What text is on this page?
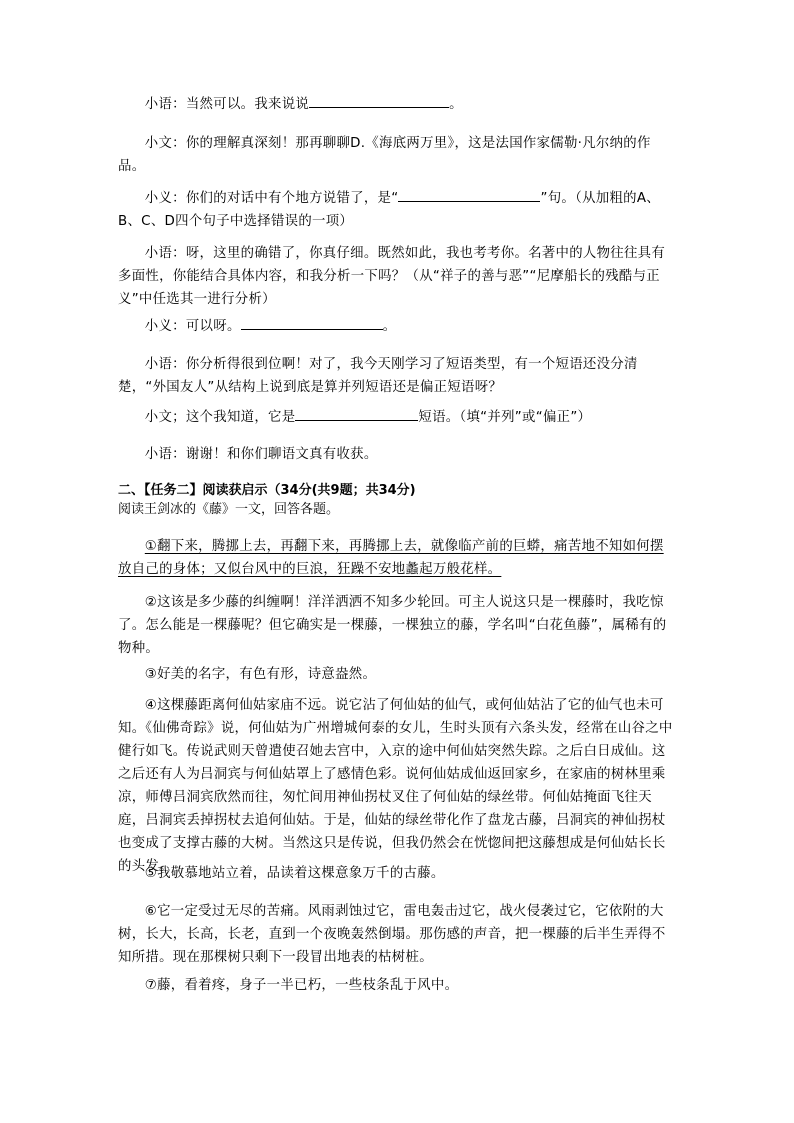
小语：当然可以。我来说说	。

小文：你的理解真深刻！那再聊聊D.《海底两万里》，这是法国作家儒勒·凡尔纳的作品。

小义：你们的对话中有个地方说错了，是“	”句。（从加粗的A、B、C、D四个句子中选择错误的一项）

小语：呀，这里的确错了，你真仔细。既然如此，我也考考你。名著中的人物往往具有多面性，你能结合具体内容，和我分析一下吗？（从“祥子的善与恶”“尼摩船长的残酷与正义”中任选其一进行分析）

小义：可以呀。	。

小语：你分析得很到位啊！对了，我今天刚学习了短语类型，有一个短语还没分清楚，“外国友人”从结构上说到底是算并列短语还是偏正短语呀？

小文；这个我知道，它是	短语。（填“并列”或“偏正”）

小语：谢谢！和你们聊语文真有收获。

二、【任务二】阅读获启示（34分(共9题；共34分)

阅读王剑冰的《藤》一文，回答各题。

①翻下来，腾挪上去，再翻下来，再腾挪上去，就像临产前的巨蟒，痛苦地不知如何摆放自己的身体；又似台风中的巨浪，狂躁不安地蠡起万般花样。

②这该是多少藤的纠缠啊！洋洋洒洒不知多少轮回。可主人说这只是一棵藤时，我吃惊了。怎么能是一棵藤呢？但它确实是一棵藤，一棵独立的藤，学名叫“白花鱼藤”，属稀有的物种。

③好美的名字，有色有形，诗意盎然。

④这棵藤距离何仙姑家庙不远。说它沾了何仙姑的仙气，或何仙姑沾了它的仙气也未可知。《仙佛奇踪》说，何仙姑为广州增城何泰的女儿，生时头顶有六条头发，经常在山谷之中健行如飞。传说武则天曾遣使召她去宫中，入京的途中何仙姑突然失踪。之后白日成仙。这之后还有人为吕洞宾与何仙姑罩上了感情色彩。说何仙姑成仙返回家乡，在家庙的树林里乘凉，师傅吕洞宾欣然而往，匆忙间用神仙拐杖叉住了何仙姑的绿丝带。何仙姑掩面飞往天庭，吕洞宾丢掉拐杖去追何仙姑。于是，仙姑的绿丝带化作了盘龙古藤，吕洞宾的神仙拐杖也变成了支撑古藤的大树。当然这只是传说，但我仍然会在恍惚间把这藤想成是何仙姑长长的头发。

⑤我敬慕地站立着，品读着这棵意象万千的古藤。

⑥它一定受过无尽的苦痛。风雨剥蚀过它，雷电轰击过它，战火侵袭过它，它依附的大树，长大，长高，长老，直到一个夜晚轰然倒塌。那伤感的声音，把一棵藤的后半生弄得不知所措。现在那棵树只剩下一段冒出地表的枯树桩。

⑦藤，看着疼，身子一半已朽，一些枝条乱于风中。
